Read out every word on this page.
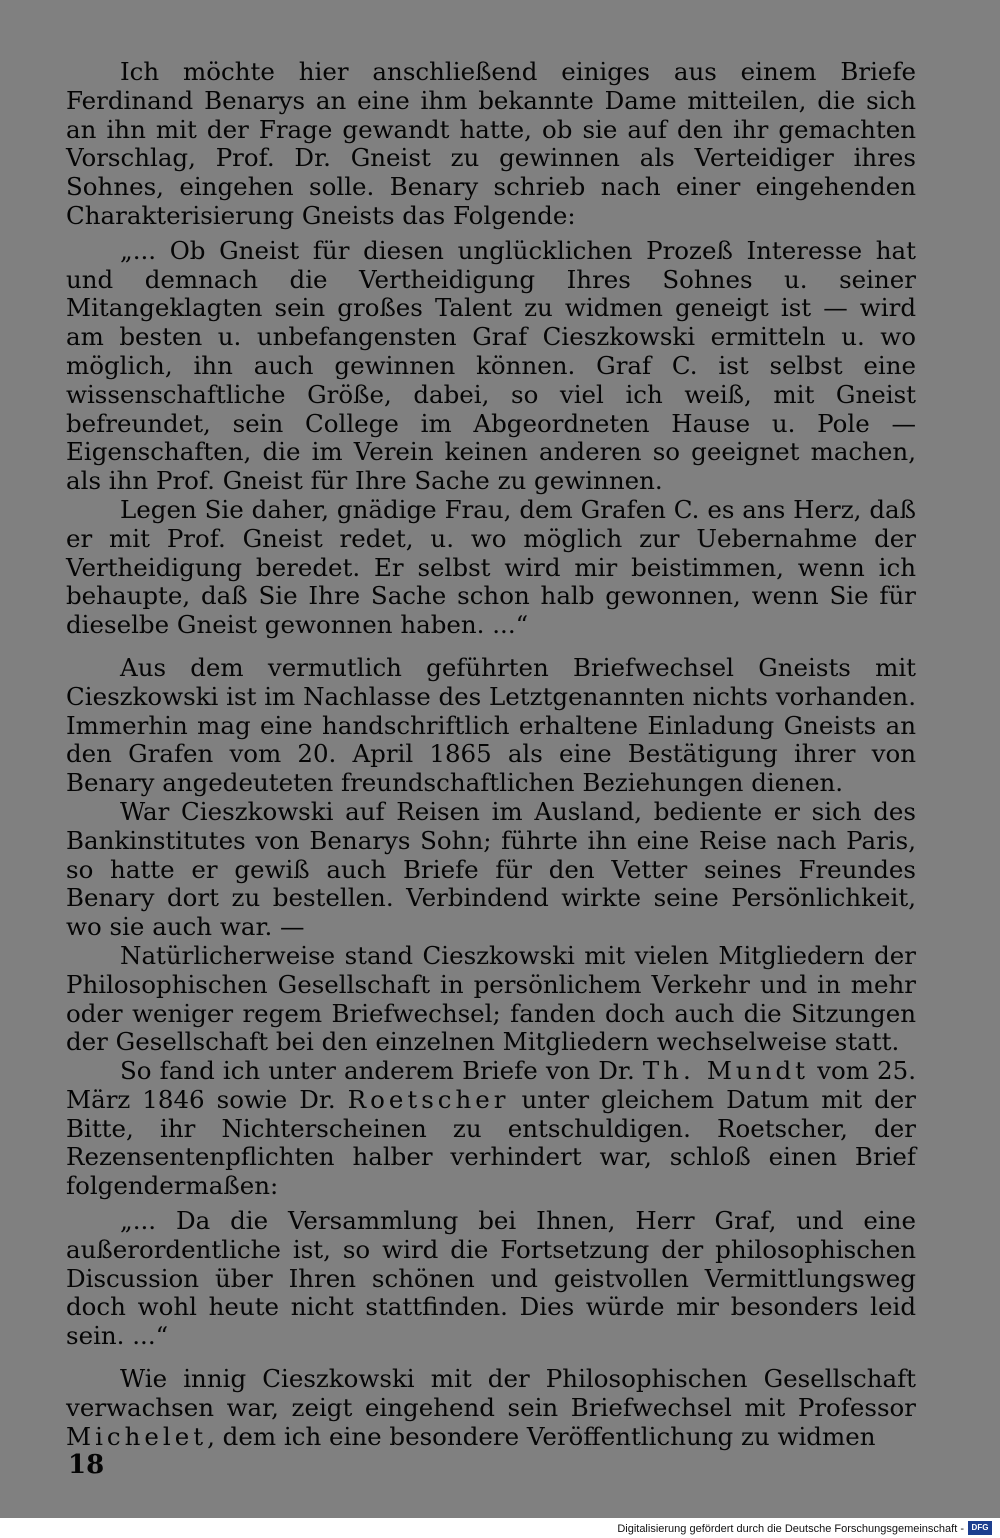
Ich möchte hier anschließend einiges aus einem Briefe Ferdinand Benarys an eine ihm bekannte Dame mitteilen, die sich an ihn mit der Frage gewandt hatte, ob sie auf den ihr gemachten Vorschlag, Prof. Dr. Gneist zu gewinnen als Verteidiger ihres Sohnes, eingehen solle. Benary schrieb nach einer eingehenden Charakterisierung Gneists das Folgende:

„... Ob Gneist für diesen unglücklichen Prozeß Interesse hat und demnach die Vertheidigung Ihres Sohnes u. seiner Mitangeklagten sein großes Talent zu widmen geneigt ist — wird am besten u. unbefangensten Graf Cieszkowski ermitteln u. wo möglich, ihn auch gewinnen können. Graf C. ist selbst eine wissenschaftliche Größe, dabei, so viel ich weiß, mit Gneist befreundet, sein College im Abgeordneten Hause u. Pole — Eigenschaften, die im Verein keinen anderen so geeignet machen, als ihn Prof. Gneist für Ihre Sache zu gewinnen.

Legen Sie daher, gnädige Frau, dem Grafen C. es ans Herz, daß er mit Prof. Gneist redet, u. wo möglich zur Uebernahme der Vertheidigung beredet. Er selbst wird mir beistimmen, wenn ich behaupte, daß Sie Ihre Sache schon halb gewonnen, wenn Sie für dieselbe Gneist gewonnen haben. ...“

Aus dem vermutlich geführten Briefwechsel Gneists mit Cieszkowski ist im Nachlasse des Letztgenannten nichts vorhanden. Immerhin mag eine handschriftlich erhaltene Einladung Gneists an den Grafen vom 20. April 1865 als eine Bestätigung ihrer von Benary angedeuteten freundschaftlichen Beziehungen dienen.

War Cieszkowski auf Reisen im Ausland, bediente er sich des Bankinstitutes von Benarys Sohn; führte ihn eine Reise nach Paris, so hatte er gewiß auch Briefe für den Vetter seines Freundes Benary dort zu bestellen. Verbindend wirkte seine Persönlichkeit, wo sie auch war. —

Natürlicherweise stand Cieszkowski mit vielen Mitgliedern der Philosophischen Gesellschaft in persönlichem Verkehr und in mehr oder weniger regem Briefwechsel; fanden doch auch die Sitzungen der Gesellschaft bei den einzelnen Mitgliedern wechselweise statt.

So fand ich unter anderem Briefe von Dr. Th. Mundt vom 25. März 1846 sowie Dr. Roetscher unter gleichem Datum mit der Bitte, ihr Nichterscheinen zu entschuldigen. Roetscher, der Rezensentenpflichten halber verhindert war, schloß einen Brief folgendermaßen:

„... Da die Versammlung bei Ihnen, Herr Graf, und eine außerordentliche ist, so wird die Fortsetzung der philosophischen Discussion über Ihren schönen und geistvollen Vermittlungsweg doch wohl heute nicht stattfinden. Dies würde mir besonders leid sein. ...“

Wie innig Cieszkowski mit der Philosophischen Gesellschaft verwachsen war, zeigt eingehend sein Briefwechsel mit Professor Michelet, dem ich eine besondere Veröffentlichung zu widmen

18
Digitalisierung gefördert durch die Deutsche Forschungsgemeinschaft - DFG
